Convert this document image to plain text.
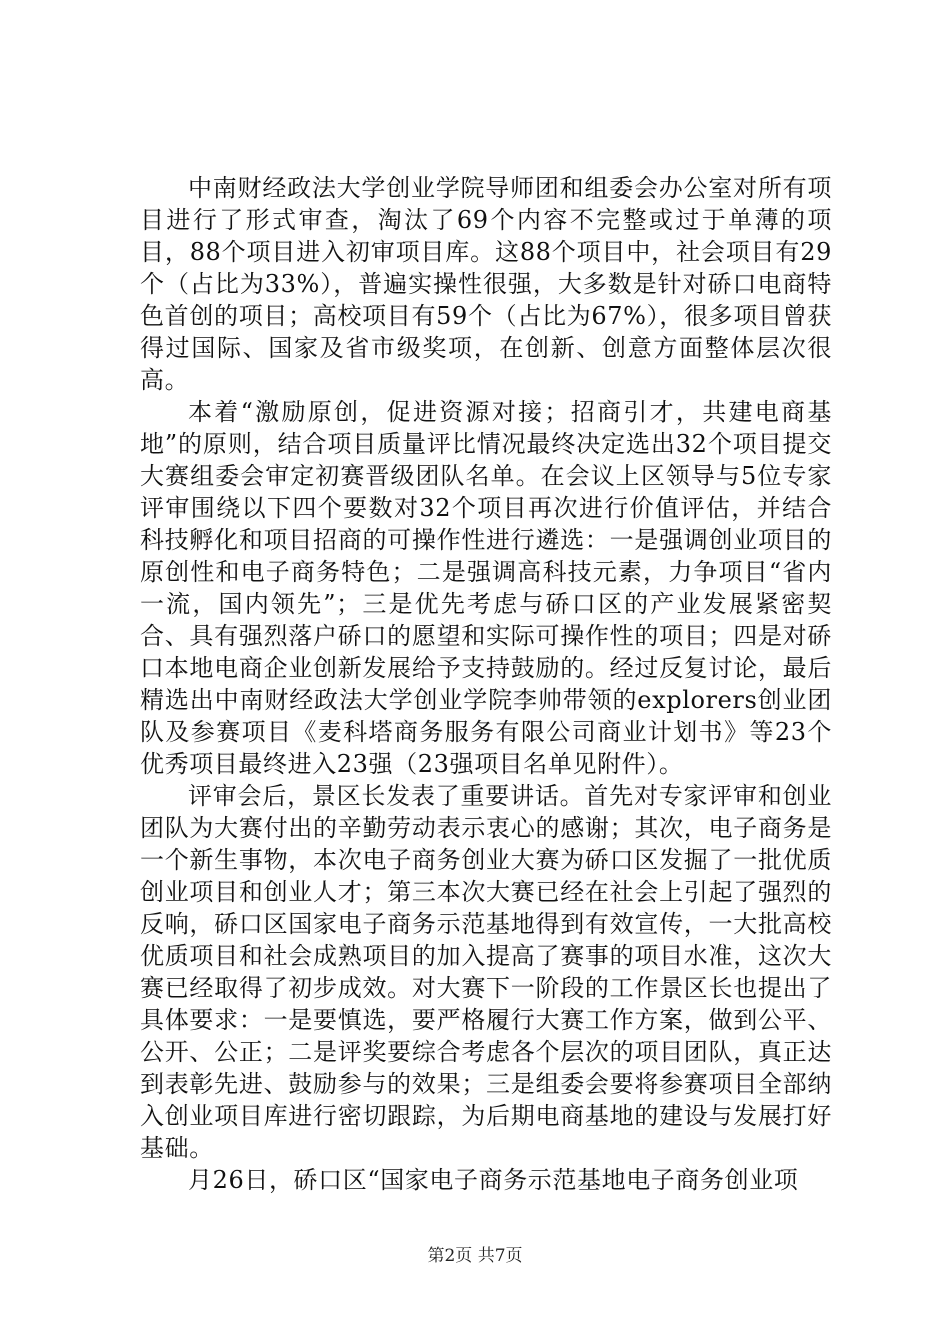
中南财经政法大学创业学院导师团和组委会办公室对所有项目进行了形式审查，淘汰了69个内容不完整或过于单薄的项目，88个项目进入初审项目库。这88个项目中，社会项目有29个（占比为33%），普遍实操性很强，大多数是针对硚口电商特色首创的项目；高校项目有59个（占比为67%），很多项目曾获得过国际、国家及省市级奖项，在创新、创意方面整体层次很高。

本着“激励原创，促进资源对接；招商引才，共建电商基地”的原则，结合项目质量评比情况最终决定选出32个项目提交大赛组委会审定初赛晋级团队名单。在会议上区领导与5位专家评审围绕以下四个要数对32个项目再次进行价值评估，并结合科技孵化和项目招商的可操作性进行遴选：一是强调创业项目的原创性和电子商务特色；二是强调高科技元素，力争项目“省内一流，国内领先”；三是优先考虑与硚口区的产业发展紧密契合、具有强烈落户硚口的愿望和实际可操作性的项目；四是对硚口本地电商企业创新发展给予支持鼓励的。经过反复讨论，最后精选出中南财经政法大学创业学院李帅带领的explorers创业团队及参赛项目《麦科塔商务服务有限公司商业计划书》等23个优秀项目最终进入23强（23强项目名单见附件）。

评审会后，景区长发表了重要讲话。首先对专家评审和创业团队为大赛付出的辛勤劳动表示衷心的感谢；其次，电子商务是一个新生事物，本次电子商务创业大赛为硚口区发掘了一批优质创业项目和创业人才；第三本次大赛已经在社会上引起了强烈的反响，硚口区国家电子商务示范基地得到有效宣传，一大批高校优质项目和社会成熟项目的加入提高了赛事的项目水准，这次大赛已经取得了初步成效。对大赛下一阶段的工作景区长也提出了具体要求：一是要慎选，要严格履行大赛工作方案，做到公平、公开、公正；二是评奖要综合考虑各个层次的项目团队，真正达到表彰先进、鼓励参与的效果；三是组委会要将参赛项目全部纳入创业项目库进行密切跟踪，为后期电商基地的建设与发展打好基础。

月26日，硚口区“国家电子商务示范基地电子商务创业项

第2页 共7页
